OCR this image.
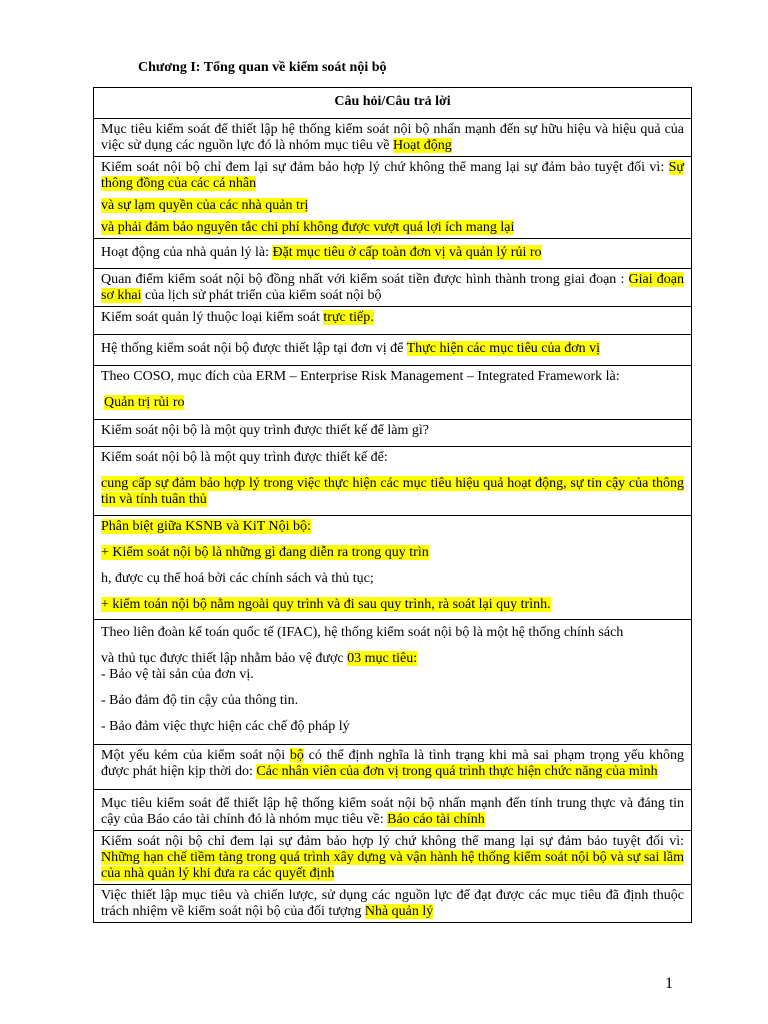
Chương I: Tổng quan về kiểm soát nội bộ
Câu hỏi/Câu trả lời
Mục tiêu kiểm soát để thiết lập hệ thống kiểm soát nội bộ nhấn mạnh đến sự hữu hiệu và hiệu quả của việc sử dụng các nguồn lực đó là nhóm mục tiêu về Hoạt động
Kiểm soát nội bộ chỉ đem lại sự đảm bảo hợp lý chứ không thể mang lại sự đảm bảo tuyệt đối vì: Sự thông đồng của các cá nhân
và sự lạm quyền của các nhà quản trị
và phải đảm bảo nguyên tắc chi phí không được vượt quá lợi ích mang lại

Hoạt động của nhà quản lý là: Đặt mục tiêu ở cấp toàn đơn vị và quản lý rủi ro
Quan điểm kiểm soát nội bộ đồng nhất với kiểm soát tiền được hình thành trong giai đoạn : Giai đoạn sơ khai của lịch sử phát triển của kiểm soát nội bộ
Kiểm soát quản lý thuộc loại kiểm soát trực tiếp.
Hệ thống kiểm soát nội bộ được thiết lập tại đơn vị để Thực hiện các mục tiêu của đơn vị

Theo COSO, mục đích của ERM – Enterprise Risk Management – Integrated Framework là:
Quản trị rủi ro

Kiểm soát nội bộ là một quy trình được thiết kế để làm gì?

Kiểm soát nội bộ là một quy trình được thiết kế để:
cung cấp sự đảm bảo hợp lý trong việc thực hiện các mục tiêu hiệu quả hoạt động, sự tin cậy của thông tin và tính tuân thủ

Phân biệt giữa KSNB và KiT Nội bộ:
+ Kiểm soát nội bộ là những gì đang diễn ra trong quy trìn
h, được cụ thể hoá bởi các chính sách và thủ tục;
+ kiểm toán nội bộ nằm ngoài quy trình và đi sau quy trình, rà soát lại quy trình.

Theo liên đoàn kế toán quốc tế (IFAC), hệ thống kiểm soát nội bộ là một hệ thống chính sách
và thủ tục được thiết lập nhằm bảo vệ được 03 mục tiêu:
- Bảo vệ tài sản của đơn vị.
- Bảo đảm độ tin cậy của thông tin.
- Bảo đảm việc thực hiện các chế độ pháp lý

Một yếu kém của kiểm soát nội bộ có thể định nghĩa là tình trạng khi mà sai phạm trọng yếu không được phát hiện kịp thời do: Các nhân viên của đơn vị trong quá trình thực hiện chức năng của mình
Mục tiêu kiểm soát để thiết lập hệ thống kiểm soát nội bộ nhấn mạnh đến tính trung thực và đáng tin cậy của Báo cáo tài chính đó là nhóm mục tiêu về: Báo cáo tài chính
Kiểm soát nội bộ chỉ đem lại sự đảm bảo hợp lý chứ không thể mang lại sự đảm bảo tuyệt đối vì: Những hạn chế tiềm tàng trong quá trình xây dựng và vận hành hệ thống kiểm soát nội bộ và sự sai lầm của nhà quản lý khi đưa ra các quyết định
Việc thiết lập mục tiêu và chiến lược, sử dụng các nguồn lực để đạt được các mục tiêu đã định thuộc trách nhiệm về kiểm soát nội bộ của đối tượng Nhà quản lý
1
